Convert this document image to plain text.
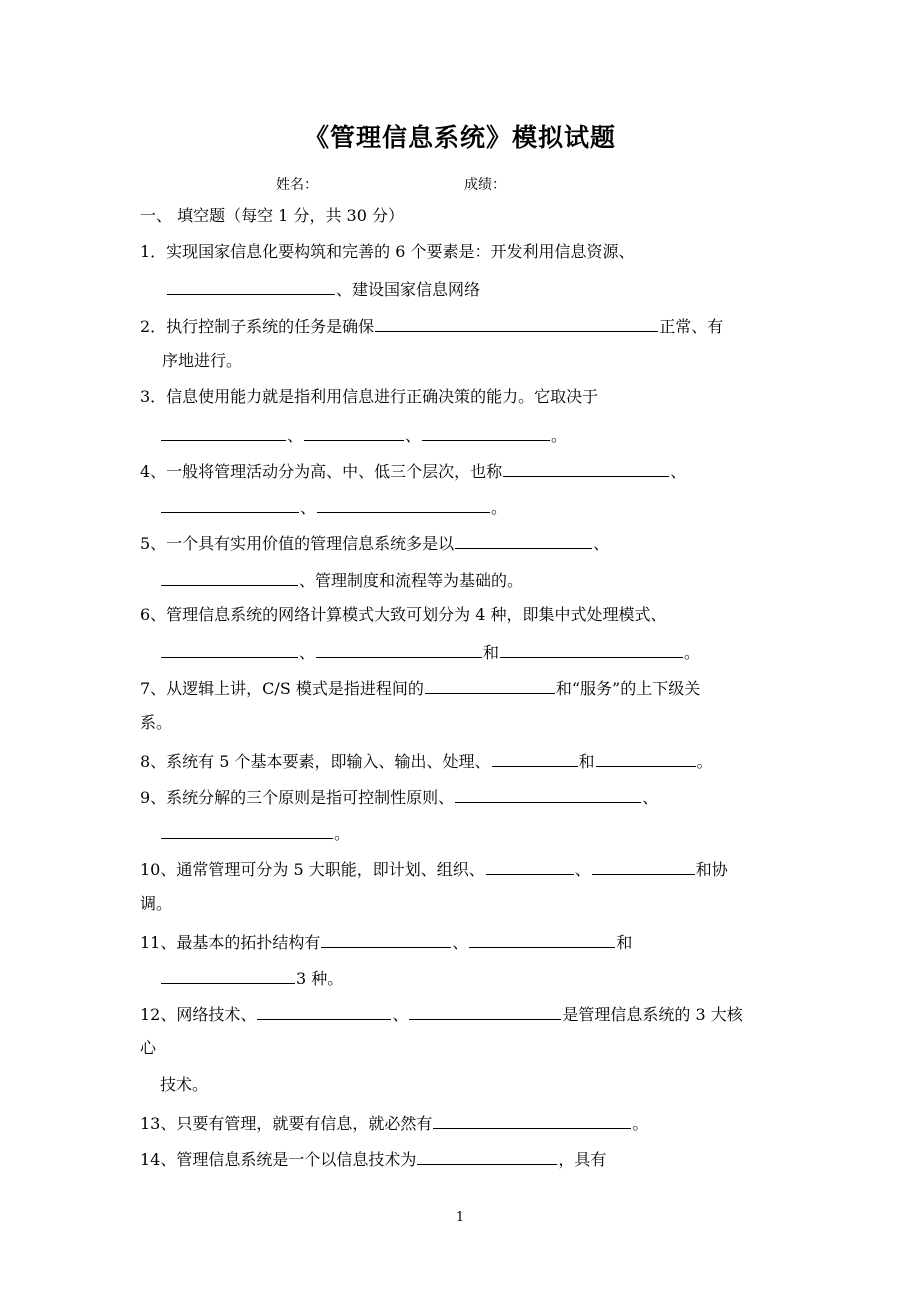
《管理信息系统》模拟试题
姓名：	成绩：
一、 填空题（每空 1 分，共 30 分）
1．实现国家信息化要构筑和完善的 6 个要素是：开发利用信息资源、
、建设国家信息网络
2．执行控制子系统的任务是确保	正常、有
序地进行。
3．信息使用能力就是指利用信息进行正确决策的能力。它取决于
、	、	。
4、一般将管理活动分为高、中、低三个层次，也称	、
、	。
5、一个具有实用价值的管理信息系统多是以	、
、管理制度和流程等为基础的。
6、管理信息系统的网络计算模式大致可划分为 4 种，即集中式处理模式、
、	和	。
7、从逻辑上讲，C/S 模式是指进程间的	和“服务”的上下级关
系。
8、系统有 5 个基本要素，即输入、输出、处理、	和	。
9、系统分解的三个原则是指可控制性原则、	、
。
10、通常管理可分为 5 大职能，即计划、组织、	、	和协
调。
11、最基本的拓扑结构有	、	和
3 种。
12、网络技术、	、	是管理信息系统的 3 大核
心
技术。
13、只要有管理，就要有信息，就必然有	。
14、管理信息系统是一个以信息技术为	，具有
1
